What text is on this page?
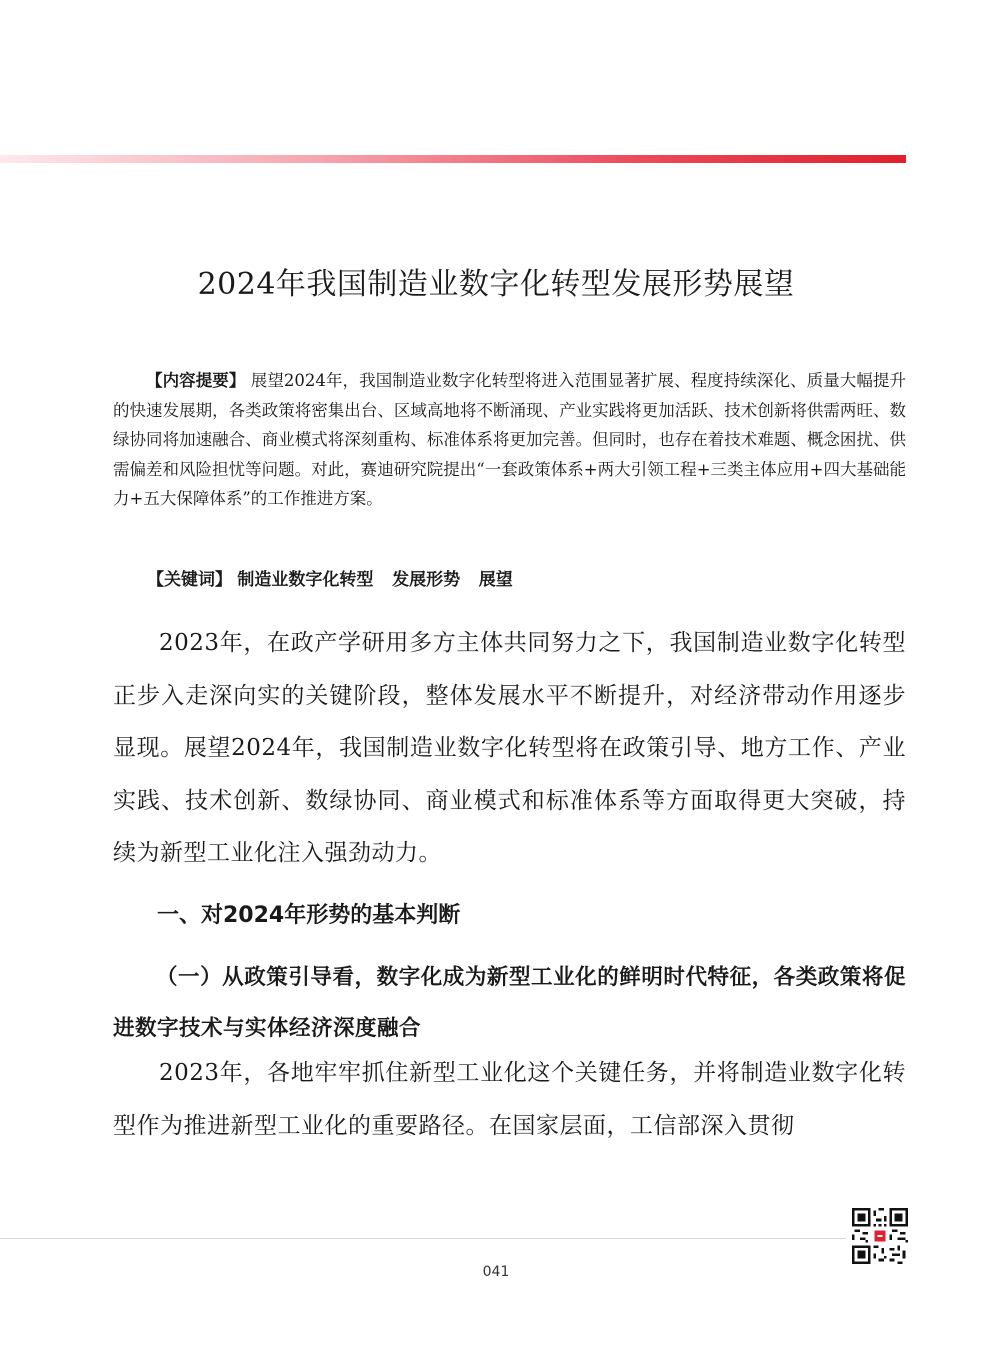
2024年我国制造业数字化转型发展形势展望
【内容提要】 展望2024年，我国制造业数字化转型将进入范围显著扩展、程度持续深化、质量大幅提升的快速发展期，各类政策将密集出台、区域高地将不断涌现、产业实践将更加活跃、技术创新将供需两旺、数绿协同将加速融合、商业模式将深刻重构、标准体系将更加完善。但同时，也存在着技术难题、概念困扰、供需偏差和风险担忧等问题。对此，赛迪研究院提出“一套政策体系+两大引领工程+三类主体应用+四大基础能力+五大保障体系”的工作推进方案。
【关键词】 制造业数字化转型 发展形势 展望
2023年，在政产学研用多方主体共同努力之下，我国制造业数字化转型正步入走深向实的关键阶段，整体发展水平不断提升，对经济带动作用逐步显现。展望2024年，我国制造业数字化转型将在政策引导、地方工作、产业实践、技术创新、数绿协同、商业模式和标准体系等方面取得更大突破，持续为新型工业化注入强劲动力。
一、对2024年形势的基本判断
（一）从政策引导看，数字化成为新型工业化的鲜明时代特征，各类政策将促进数字技术与实体经济深度融合
2023年，各地牢牢抓住新型工业化这个关键任务，并将制造业数字化转型作为推进新型工业化的重要路径。在国家层面，工信部深入贯彻
041
